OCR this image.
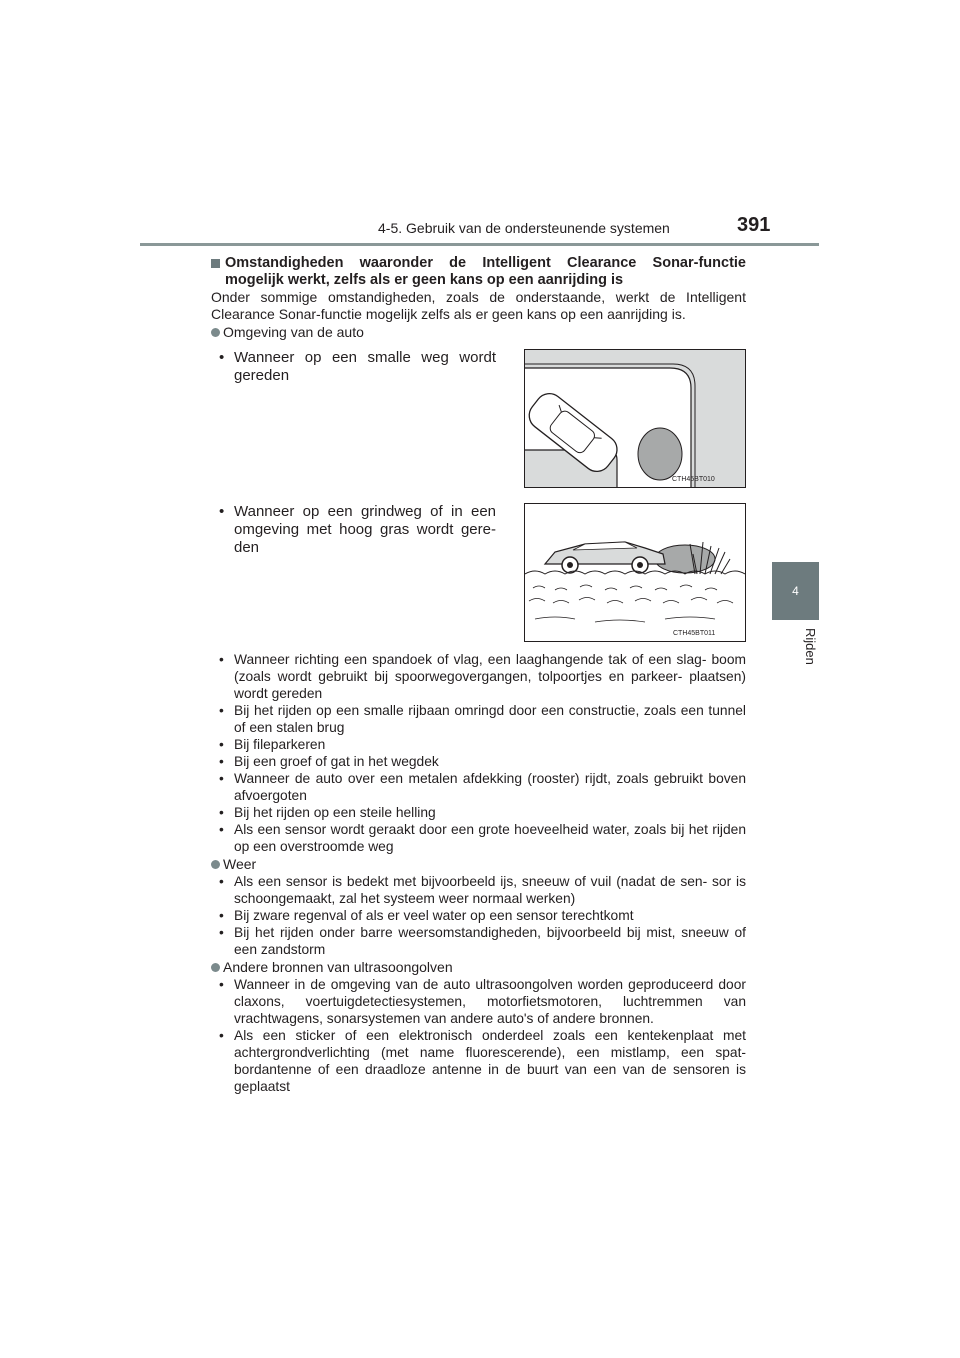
4-5. Gebruik van de ondersteunende systemen	391
4
Rijden
Omstandigheden waaronder de Intelligent Clearance Sonar-functie mogelijk werkt, zelfs als er geen kans op een aanrijding is
Onder sommige omstandigheden, zoals de onderstaande, werkt de Intelligent Clearance Sonar-functie mogelijk zelfs als er geen kans op een aanrijding is.
Omgeving van de auto
• Wanneer op een smalle weg wordt gereden
CTH45BT010
• Wanneer op een grindweg of in een omgeving met hoog gras wordt gere- den
CTH45BT011
• Wanneer richting een spandoek of vlag, een laaghangende tak of een slag- boom (zoals wordt gebruikt bij spoorwegovergangen, tolpoortjes en parkeer- plaatsen) wordt gereden
• Bij het rijden op een smalle rijbaan omringd door een constructie, zoals een tunnel of een stalen brug
• Bij fileparkeren
• Bij een groef of gat in het wegdek
• Wanneer de auto over een metalen afdekking (rooster) rijdt, zoals gebruikt boven afvoergoten
• Bij het rijden op een steile helling
• Als een sensor wordt geraakt door een grote hoeveelheid water, zoals bij het rijden op een overstroomde weg
Weer
• Als een sensor is bedekt met bijvoorbeeld ijs, sneeuw of vuil (nadat de sen- sor is schoongemaakt, zal het systeem weer normaal werken)
• Bij zware regenval of als er veel water op een sensor terechtkomt
• Bij het rijden onder barre weersomstandigheden, bijvoorbeeld bij mist, sneeuw of een zandstorm
Andere bronnen van ultrasoongolven
• Wanneer in de omgeving van de auto ultrasoongolven worden geproduceerd door claxons, voertuigdetectiesystemen, motorfietsmotoren, luchtremmen van vrachtwagens, sonarsystemen van andere auto's of andere bronnen.
• Als een sticker of een elektronisch onderdeel zoals een kentekenplaat met achtergrondverlichting (met name fluorescerende), een mistlamp, een spat- bordantenne of een draadloze antenne in de buurt van een van de sensoren is geplaatst
